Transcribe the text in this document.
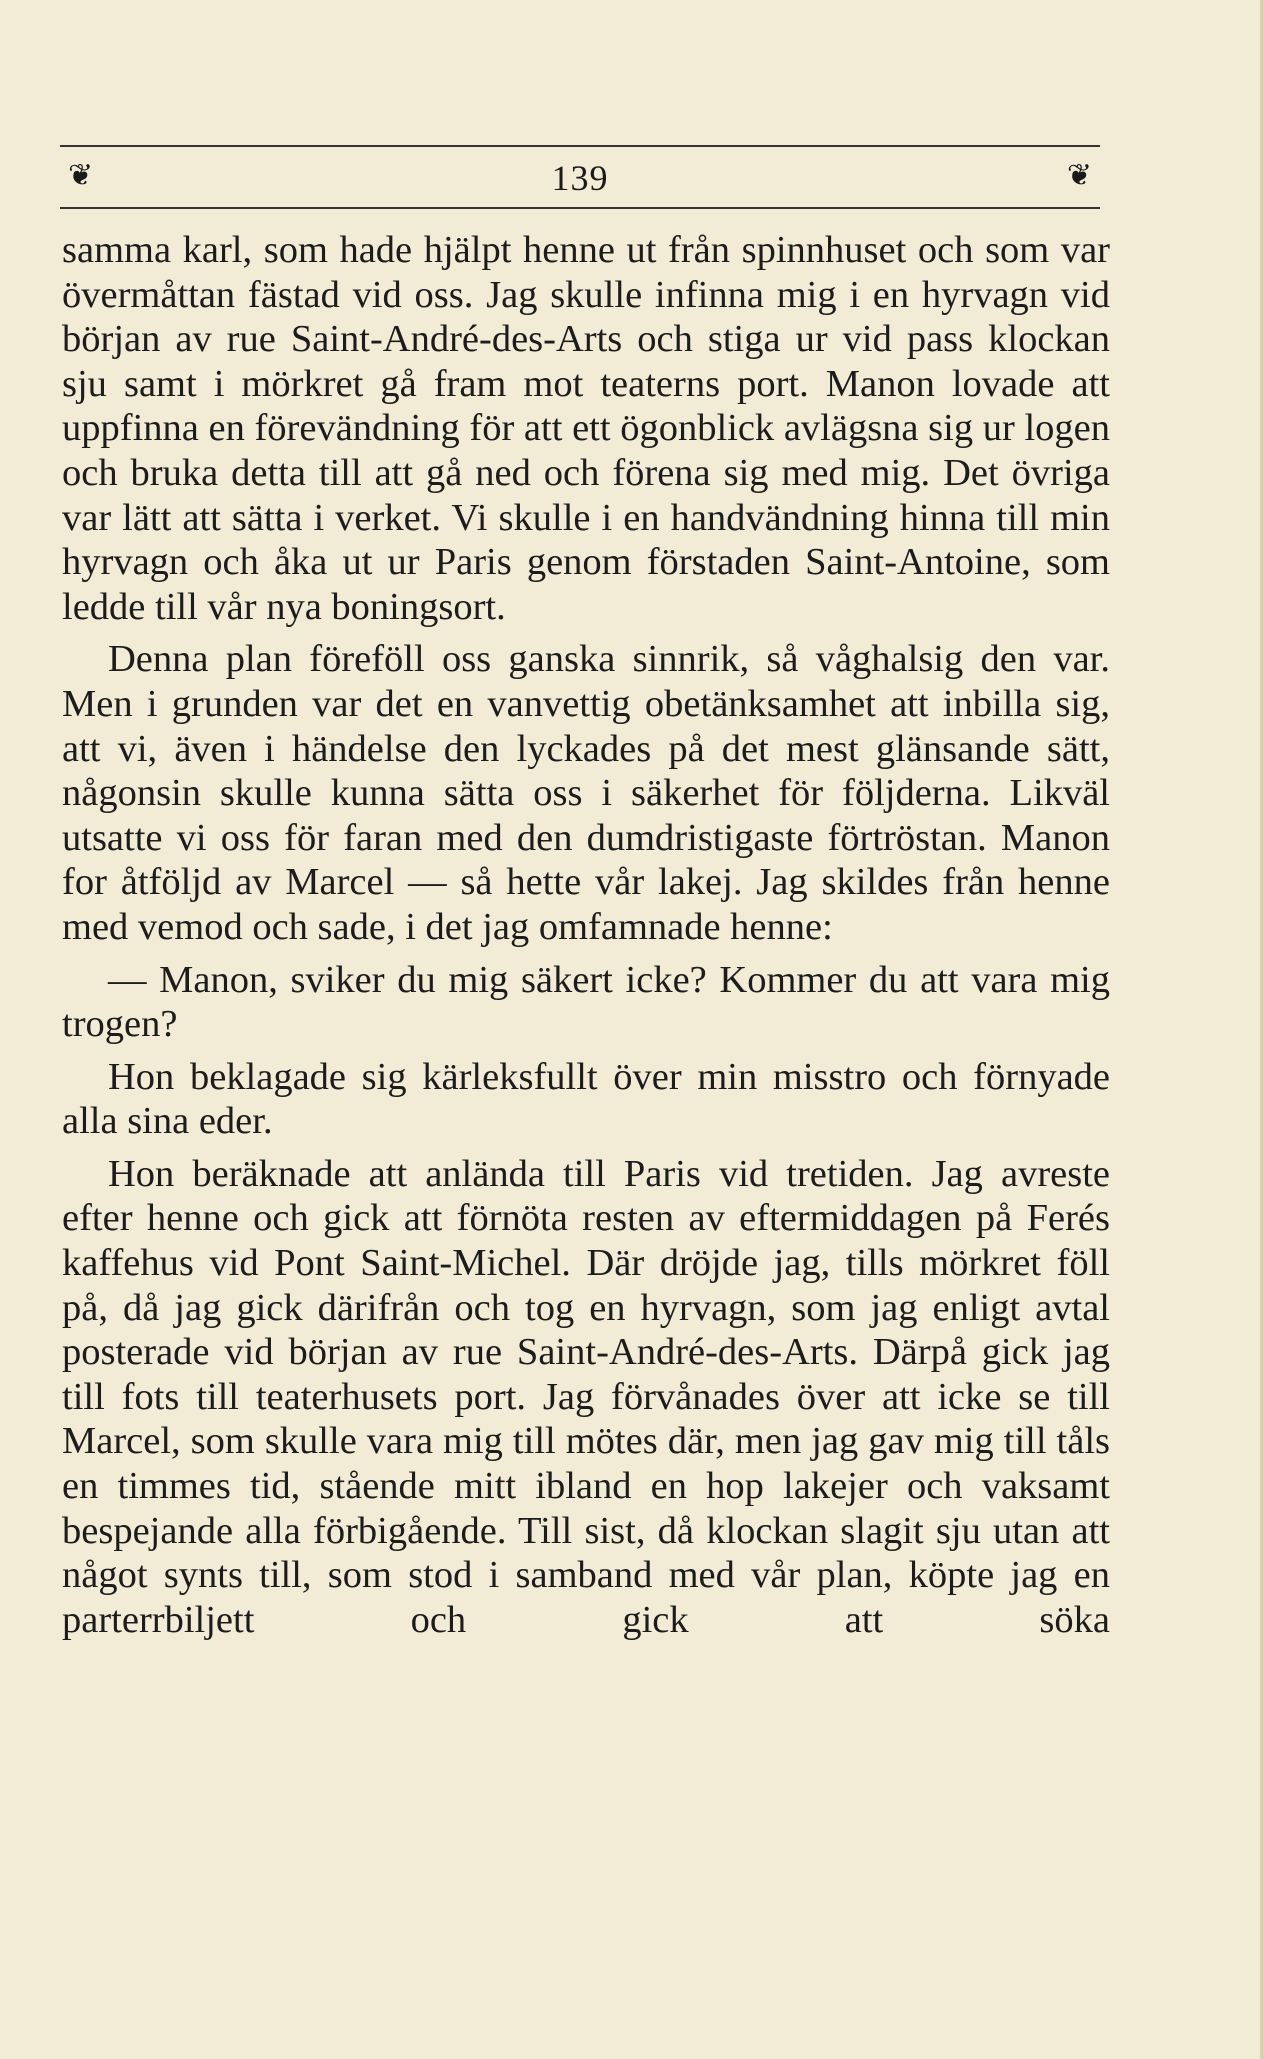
❦	139	❦

samma karl, som hade hjälpt henne ut från spinnhuset och som var övermåttan fästad vid oss. Jag skulle infinna mig i en hyrvagn vid början av rue Saint-André-des-Arts och stiga ur vid pass klockan sju samt i mörkret gå fram mot teaterns port. Manon lovade att uppfinna en förevändning för att ett ögonblick avlägsna sig ur logen och bruka detta till att gå ned och förena sig med mig. Det övriga var lätt att sätta i verket. Vi skulle i en handvändning hinna till min hyrvagn och åka ut ur Paris genom förstaden Saint-Antoine, som ledde till vår nya boningsort.

Denna plan föreföll oss ganska sinnrik, så våghalsig den var. Men i grunden var det en vanvettig obetänksamhet att inbilla sig, att vi, även i händelse den lyckades på det mest glänsande sätt, någonsin skulle kunna sätta oss i säkerhet för följderna. Likväl utsatte vi oss för faran med den dumdristigaste förtröstan. Manon for åtföljd av Marcel — så hette vår lakej. Jag skildes från henne med vemod och sade, i det jag omfamnade henne:

— Manon, sviker du mig säkert icke? Kommer du att vara mig trogen?

Hon beklagade sig kärleksfullt över min misstro och förnyade alla sina eder.

Hon beräknade att anlända till Paris vid tretiden. Jag avreste efter henne och gick att förnöta resten av eftermiddagen på Ferés kaffehus vid Pont Saint-Michel. Där dröjde jag, tills mörkret föll på, då jag gick därifrån och tog en hyrvagn, som jag enligt avtal posterade vid början av rue Saint-André-des-Arts. Därpå gick jag till fots till teaterhusets port. Jag förvånades över att icke se till Marcel, som skulle vara mig till mötes där, men jag gav mig till tåls en timmes tid, stående mitt ibland en hop lakejer och vaksamt bespejande alla förbigående. Till sist, då klockan slagit sju utan att något synts till, som stod i samband med vår plan, köpte jag en parterrbiljett och gick att söka
